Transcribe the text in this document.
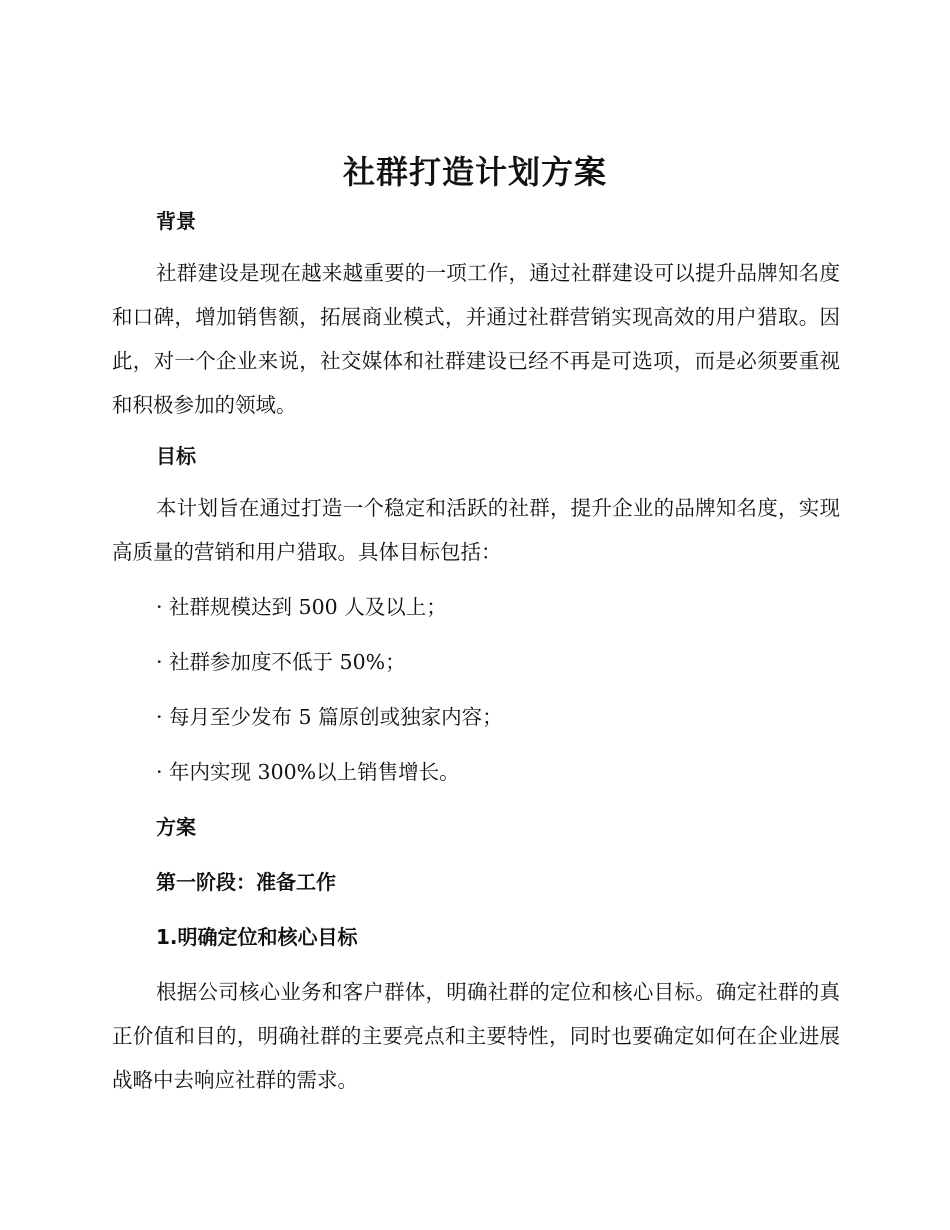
社群打造计划方案
背景
社群建设是现在越来越重要的一项工作，通过社群建设可以提升品牌知名度和口碑，增加销售额，拓展商业模式，并通过社群营销实现高效的用户猎取。因此，对一个企业来说，社交媒体和社群建设已经不再是可选项，而是必须要重视和积极参加的领域。
目标
本计划旨在通过打造一个稳定和活跃的社群，提升企业的品牌知名度，实现高质量的营销和用户猎取。具体目标包括：
· 社群规模达到 500 人及以上；
· 社群参加度不低于 50%；
· 每月至少发布 5 篇原创或独家内容；
· 年内实现 300%以上销售增长。
方案
第一阶段：准备工作
1.明确定位和核心目标
根据公司核心业务和客户群体，明确社群的定位和核心目标。确定社群的真正价值和目的，明确社群的主要亮点和主要特性，同时也要确定如何在企业进展战略中去响应社群的需求。
